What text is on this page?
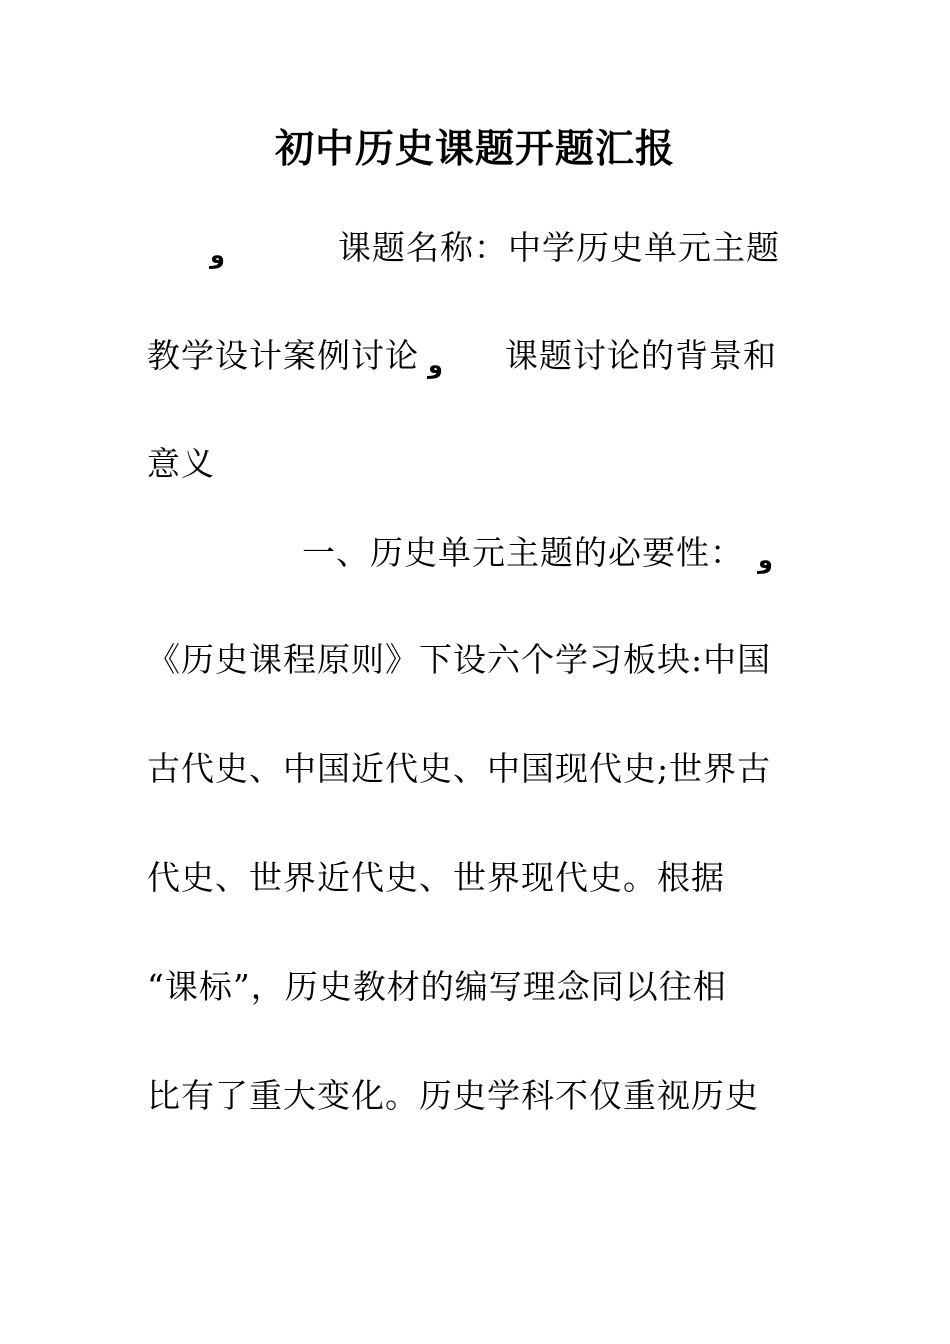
初中历史课题开题汇报
و	课题名称：中学历史单元主题
教学设计案例讨论 و 课题讨论的背景和
意义
一、历史单元主题的必要性： و
《历史课程原则》下设六个学习板块:中国
古代史、中国近代史、中国现代史;世界古
代史、世界近代史、世界现代史。根据
“课标”，历史教材的编写理念同以往相
比有了重大变化。历史学科不仅重视历史
